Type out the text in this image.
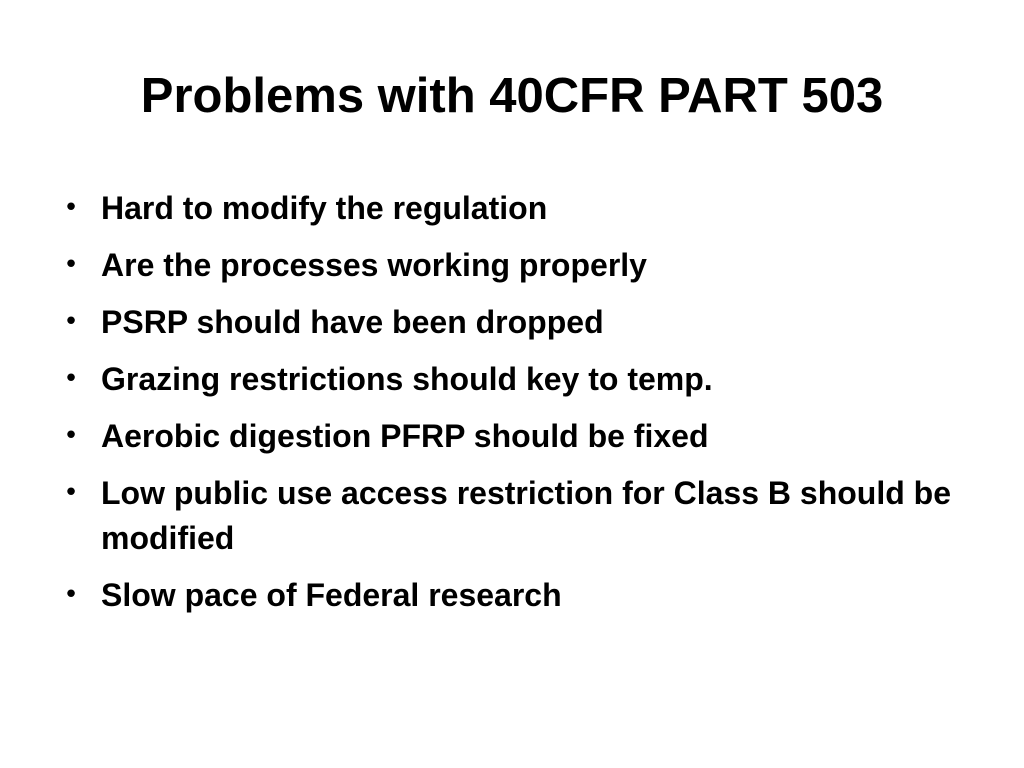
Problems with 40CFR PART 503
• Hard to modify the regulation
• Are the processes working properly
• PSRP should have been dropped
• Grazing restrictions should key to temp.
• Aerobic digestion PFRP should be fixed
• Low public use access restriction for Class B should be modified
• Slow pace of Federal research
